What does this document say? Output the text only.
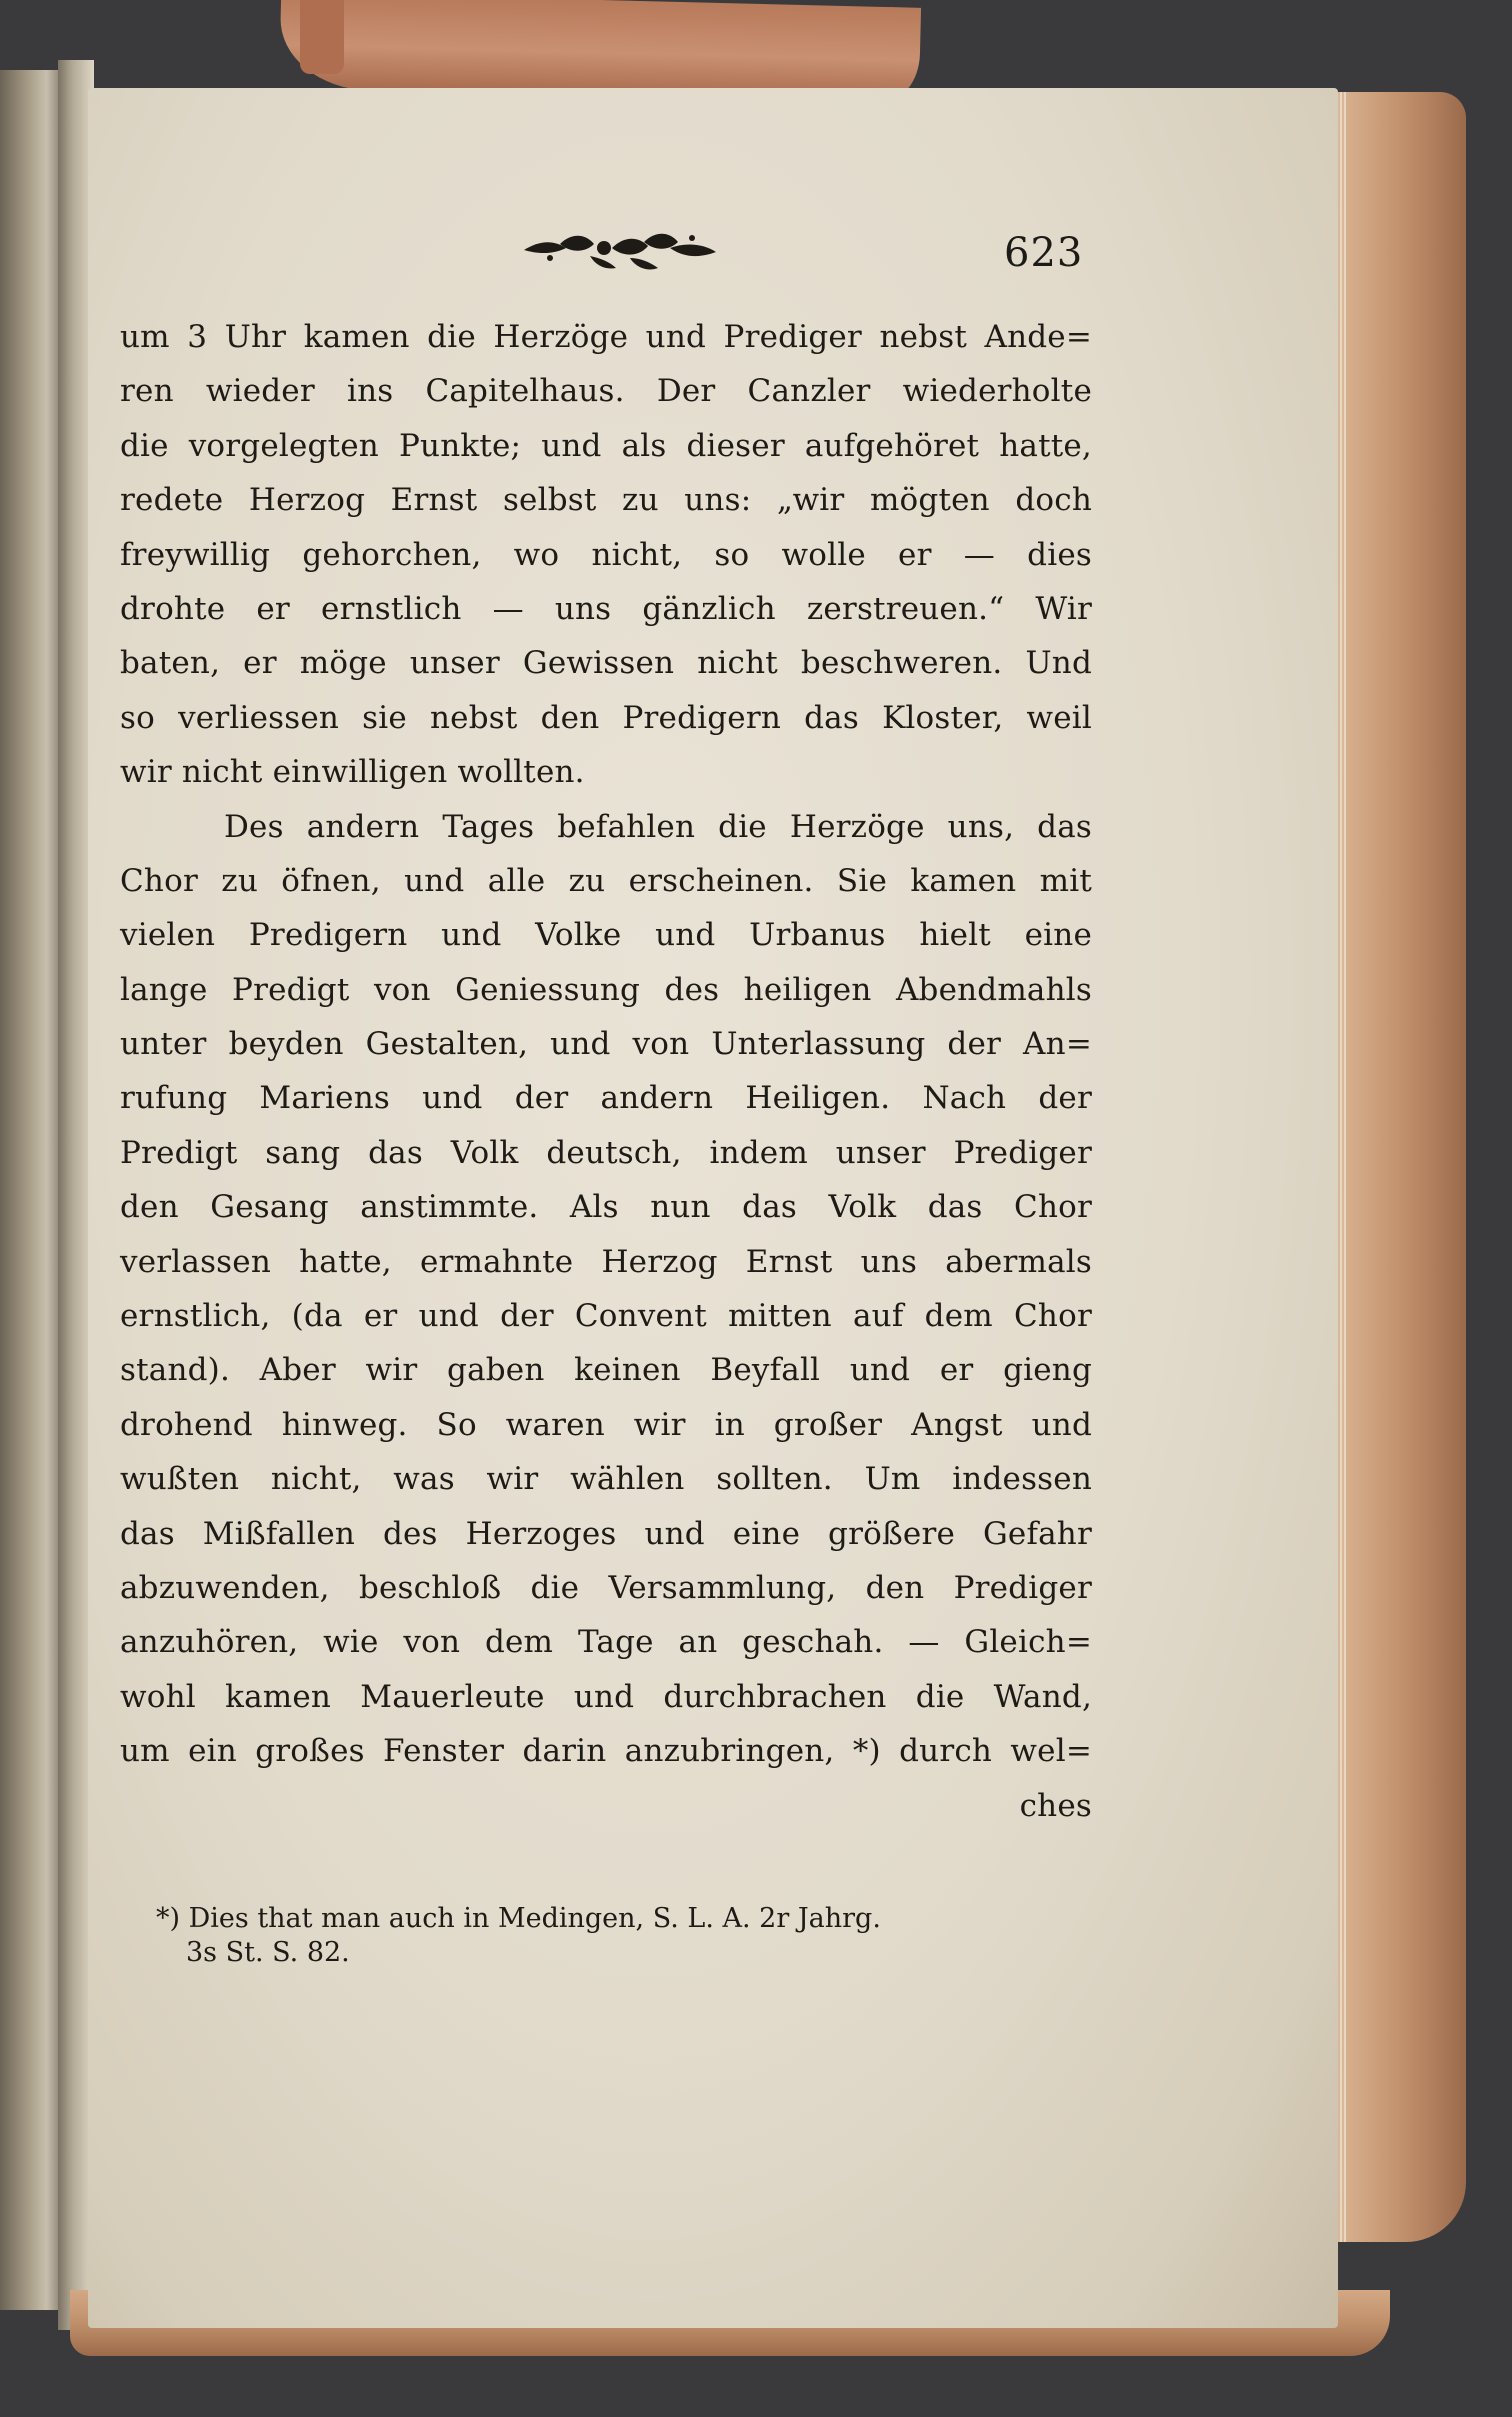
623
um 3 Uhr kamen die Herzöge und Prediger nebst Ande=
ren wieder ins Capitelhaus. Der Canzler wiederholte
die vorgelegten Punkte; und als dieser aufgehöret hatte,
redete Herzog Ernst selbst zu uns: „wir mögten doch
freywillig gehorchen, wo nicht, so wolle er — dies
drohte er ernstlich — uns gänzlich zerstreuen.“ Wir
baten, er möge unser Gewissen nicht beschweren. Und
so verliessen sie nebst den Predigern das Kloster, weil
wir nicht einwilligen wollten.
Des andern Tages befahlen die Herzöge uns, das
Chor zu öfnen, und alle zu erscheinen. Sie kamen mit
vielen Predigern und Volke und Urbanus hielt eine
lange Predigt von Geniessung des heiligen Abendmahls
unter beyden Gestalten, und von Unterlassung der An=
rufung Mariens und der andern Heiligen. Nach der
Predigt sang das Volk deutsch, indem unser Prediger
den Gesang anstimmte. Als nun das Volk das Chor
verlassen hatte, ermahnte Herzog Ernst uns abermals
ernstlich, (da er und der Convent mitten auf dem Chor
stand). Aber wir gaben keinen Beyfall und er gieng
drohend hinweg. So waren wir in großer Angst und
wußten nicht, was wir wählen sollten. Um indessen
das Mißfallen des Herzoges und eine größere Gefahr
abzuwenden, beschloß die Versammlung, den Prediger
anzuhören, wie von dem Tage an geschah. — Gleich=
wohl kamen Mauerleute und durchbrachen die Wand,
um ein großes Fenster darin anzubringen, *) durch wel=
ches
*) Dies that man auch in Medingen, S. L. A. 2r Jahrg.
3s St. S. 82.
